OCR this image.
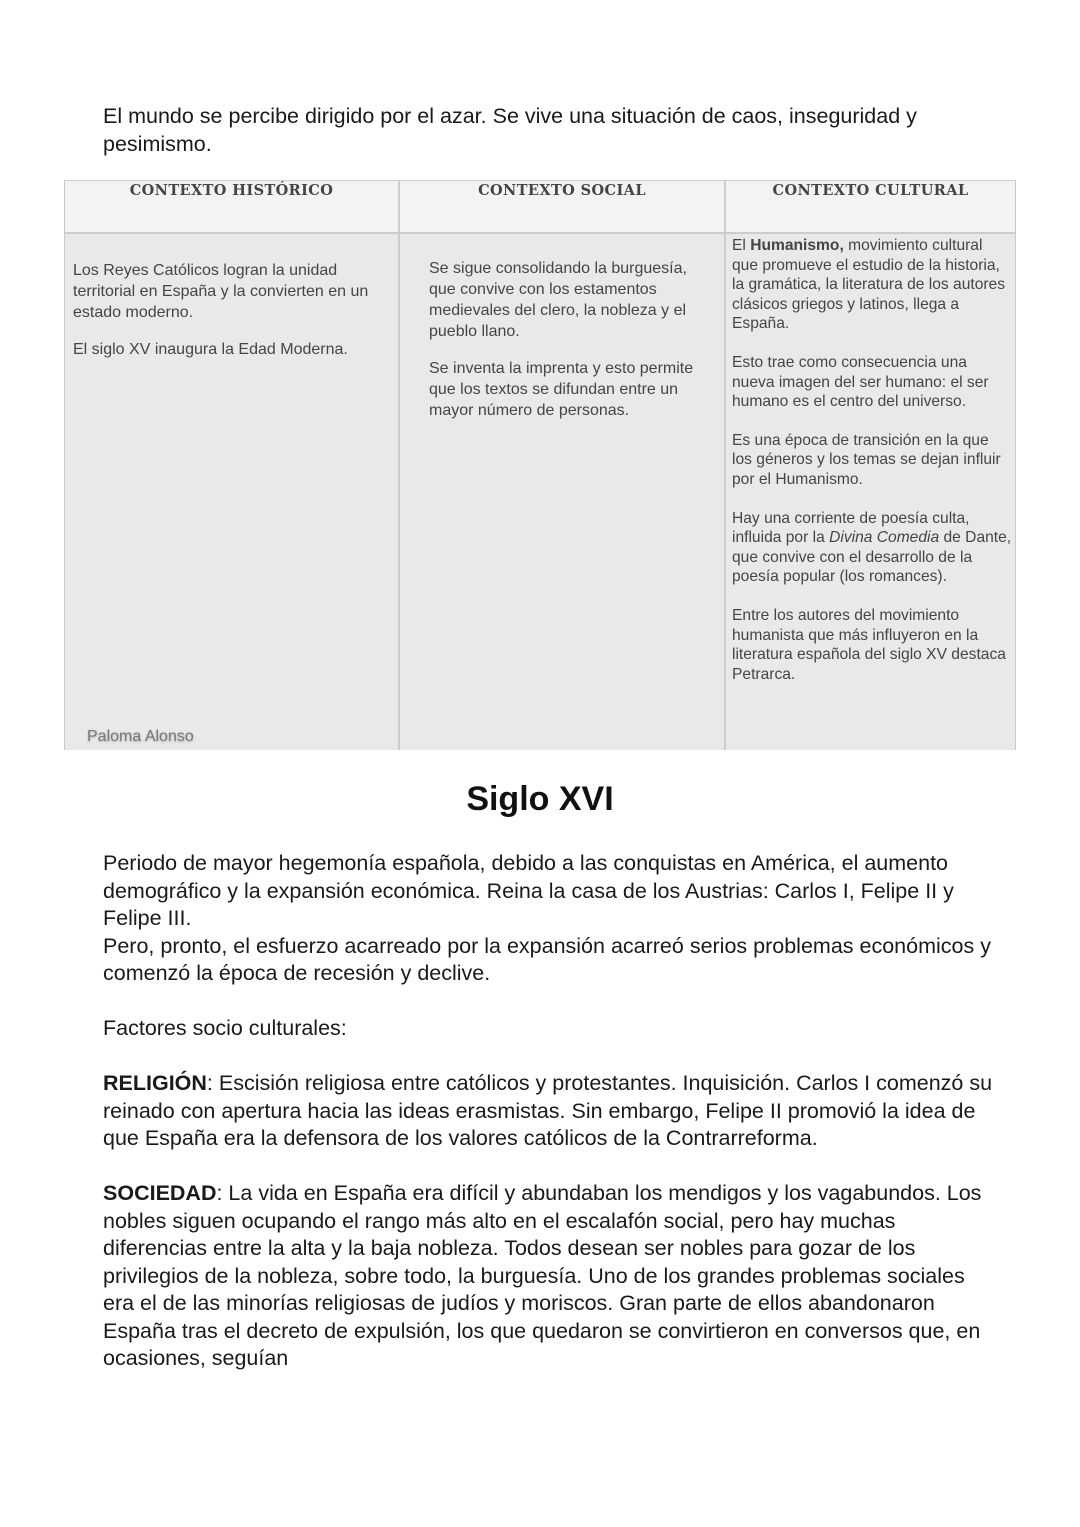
El mundo se percibe dirigido por el azar. Se vive una situación de caos, inseguridad y pesimismo.

CONTEXTO HISTÓRICO	CONTEXTO SOCIAL	CONTEXTO CULTURAL

Los Reyes Católicos logran la unidad territorial en España y la convierten en un estado moderno.

El siglo XV inaugura la Edad Moderna.

Se sigue consolidando la burguesía, que convive con los estamentos medievales del clero, la nobleza y el pueblo llano.

Se inventa la imprenta y esto permite que los textos se difundan entre un mayor número de personas.

El Humanismo, movimiento cultural que promueve el estudio de la historia, la gramática, la literatura de los autores clásicos griegos y latinos, llega a España.

Esto trae como consecuencia una nueva imagen del ser humano: el ser humano es el centro del universo.

Es una época de transición en la que los géneros y los temas se dejan influir por el Humanismo.

Hay una corriente de poesía culta, influida por la Divina Comedia de Dante, que convive con el desarrollo de la poesía popular (los romances).

Entre los autores del movimiento humanista que más influyeron en la literatura española del siglo XV destaca Petrarca.

Paloma Alonso
Siglo XVI

Periodo de mayor hegemonía española, debido a las conquistas en América, el aumento demográfico y la expansión económica. Reina la casa de los Austrias: Carlos I, Felipe II y Felipe III.

Pero, pronto, el esfuerzo acarreado por la expansión acarreó serios problemas económicos y comenzó la época de recesión y declive.

Factores socio culturales:

RELIGIÓN: Escisión religiosa entre católicos y protestantes. Inquisición. Carlos I comenzó su reinado con apertura hacia las ideas erasmistas. Sin embargo, Felipe II promovió la idea de que España era la defensora de los valores católicos de la Contrarreforma.

SOCIEDAD: La vida en España era difícil y abundaban los mendigos y los vagabundos. Los nobles siguen ocupando el rango más alto en el escalafón social, pero hay muchas diferencias entre la alta y la baja nobleza. Todos desean ser nobles para gozar de los privilegios de la nobleza, sobre todo, la burguesía. Uno de los grandes problemas sociales era el de las minorías religiosas de judíos y moriscos. Gran parte de ellos abandonaron España tras el decreto de expulsión, los que quedaron se convirtieron en conversos que, en ocasiones, seguían
